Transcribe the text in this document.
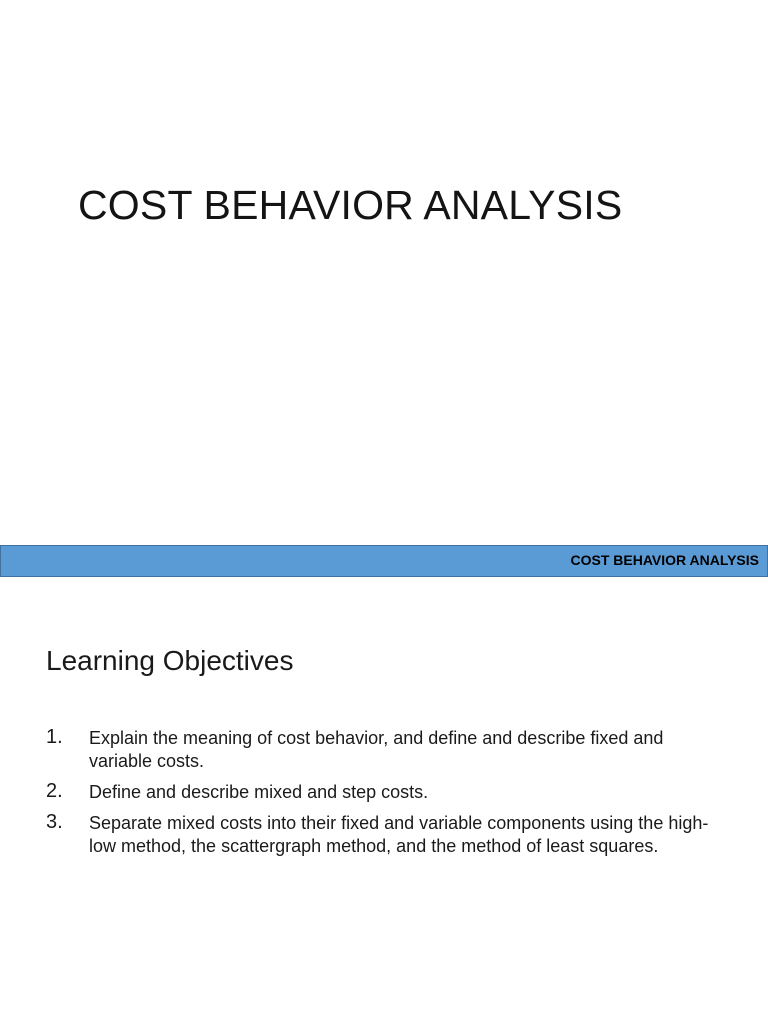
COST BEHAVIOR ANALYSIS
COST BEHAVIOR ANALYSIS
Learning Objectives
1. Explain the meaning of cost behavior, and define and describe fixed and variable costs.
2. Define and describe mixed and step costs.
3. Separate mixed costs into their fixed and variable components using the high-low method, the scattergraph method, and the method of least squares.
